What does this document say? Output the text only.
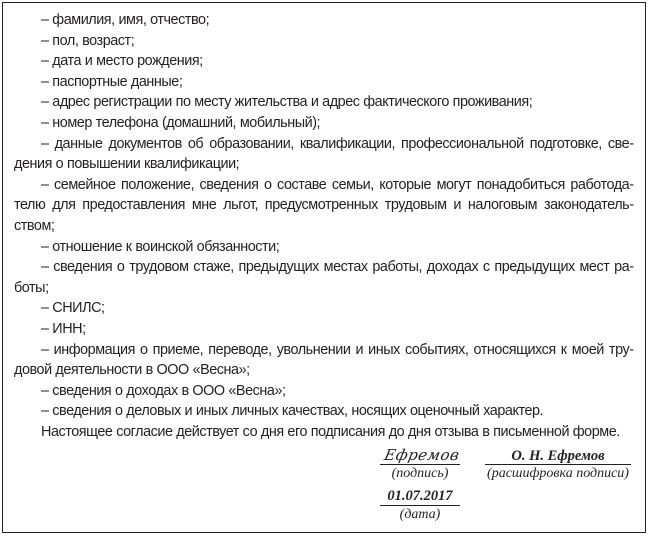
– фамилия, имя, отчество;

– пол, возраст;

– дата и место рождения;

– паспортные данные;

– адрес регистрации по месту жительства и адрес фактического проживания;

– номер телефона (домашний, мобильный);

– данные документов об образовании, квалификации, профессиональной подготовке, сведения о повышении квалификации;

– семейное положение, сведения о составе семьи, которые могут понадобиться работодателю для предоставления мне льгот, предусмотренных трудовым и налоговым законодательством;

– отношение к воинской обязанности;

– сведения о трудовом стаже, предыдущих местах работы, доходах с предыдущих мест работы;

– СНИЛС;

– ИНН;

– информация о приеме, переводе, увольнении и иных событиях, относящихся к моей трудовой деятельности в ООО «Весна»;

– сведения о доходах в ООО «Весна»;

– сведения о деловых и иных личных качествах, носящих оценочный характер.

Настоящее согласие действует со дня его подписания до дня отзыва в письменной форме.

Ефремов
(подпись)
О. Н. Ефремов
(расшифровка подписи)
01.07.2017
(дата)
